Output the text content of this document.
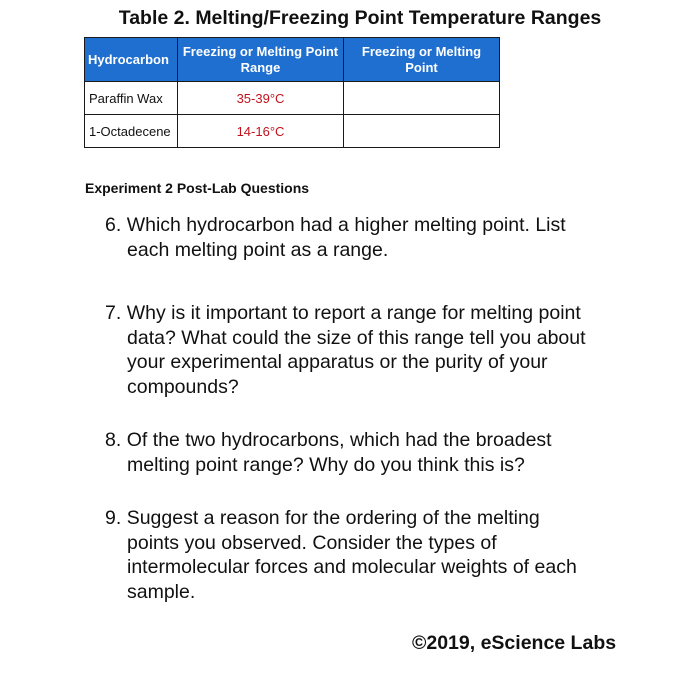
Table 2. Melting/Freezing Point Temperature Ranges
Hydrocarbon	Freezing or Melting Point Range	Freezing or Melting Point
Paraffin Wax	35-39°C	
1-Octadecene	14-16°C	
Experiment 2 Post-Lab Questions
6. Which hydrocarbon had a higher melting point. List
each melting point as a range.
7. Why is it important to report a range for melting point
data? What could the size of this range tell you about
your experimental apparatus or the purity of your
compounds?
8. Of the two hydrocarbons, which had the broadest
melting point range? Why do you think this is?
9. Suggest a reason for the ordering of the melting
points you observed. Consider the types of
intermolecular forces and molecular weights of each
sample.
©2019, eScience Labs
